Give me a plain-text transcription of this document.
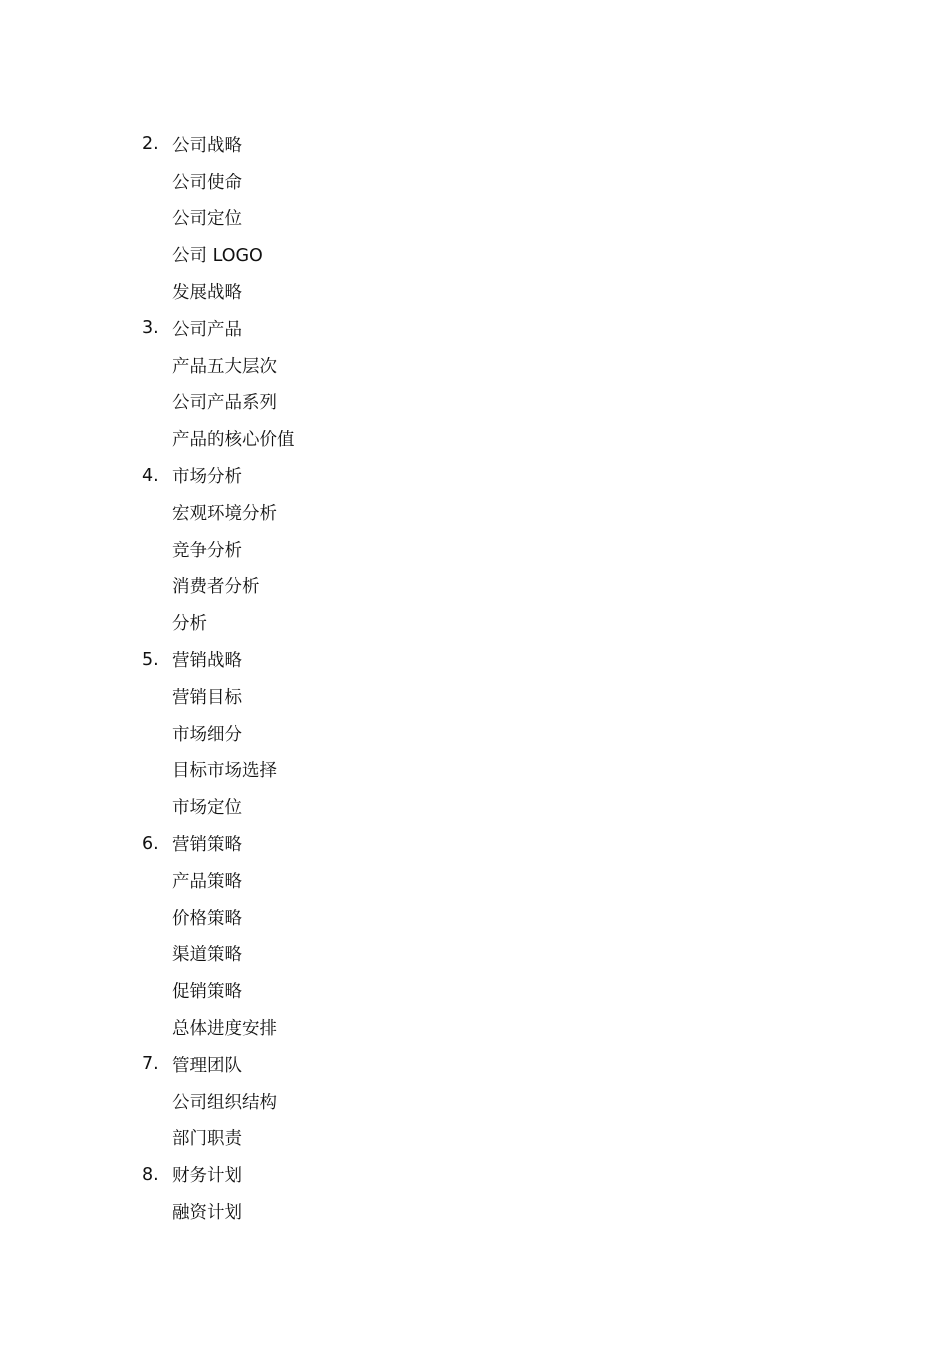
2. 公司战略
公司使命
公司定位
公司 LOGO
发展战略
3. 公司产品
产品五大层次
公司产品系列
产品的核心价值
4. 市场分析
宏观环境分析
竞争分析
消费者分析
分析
5. 营销战略
营销目标
市场细分
目标市场选择
市场定位
6. 营销策略
产品策略
价格策略
渠道策略
促销策略
总体进度安排
7. 管理团队
公司组织结构
部门职责
8. 财务计划
融资计划
